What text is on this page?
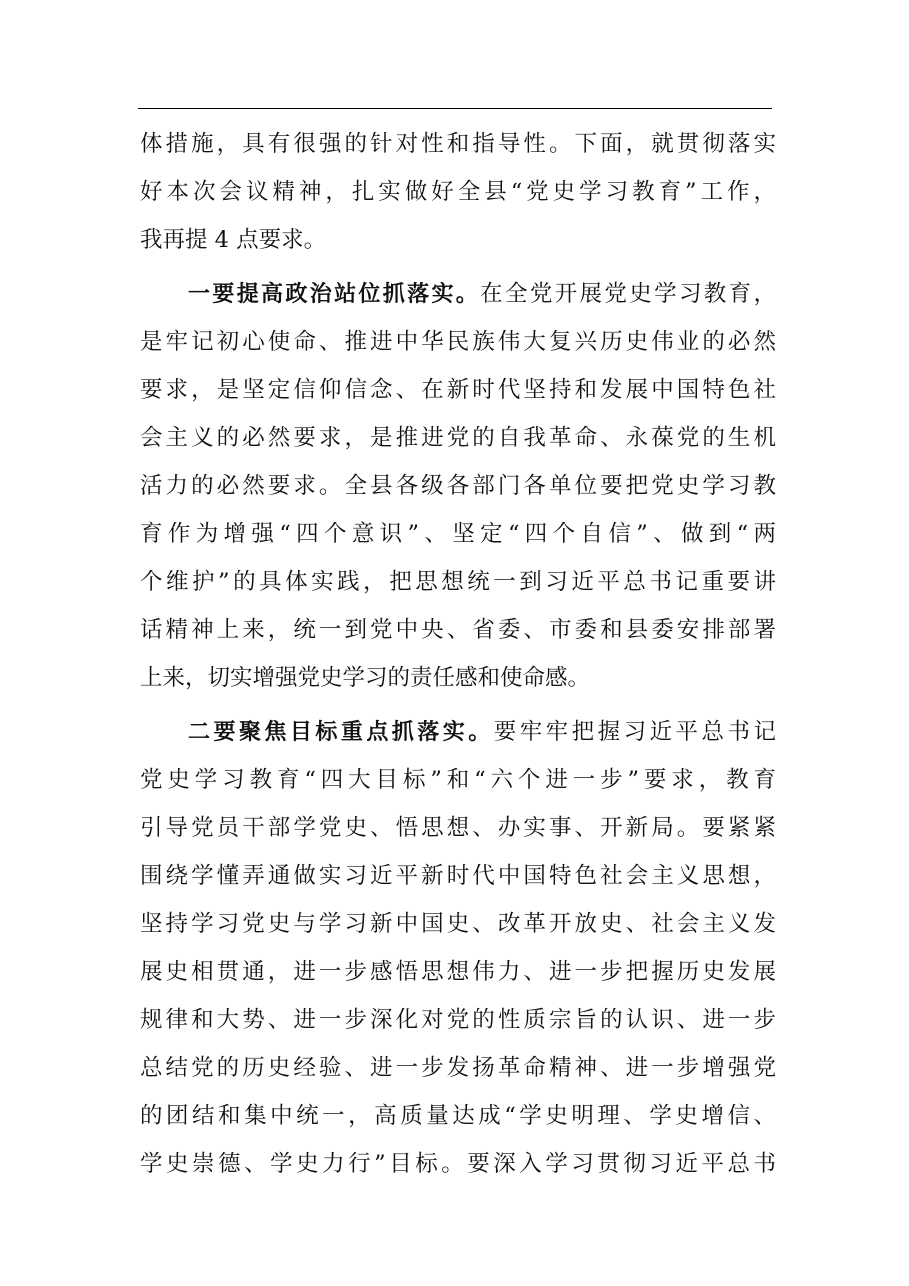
体措施，具有很强的针对性和指导性。下面，就贯彻落实
好本次会议精神，扎实做好全县“党史学习教育”工作，
我再提 4 点要求。
一要提高政治站位抓落实。在全党开展党史学习教育，
是牢记初心使命、推进中华民族伟大复兴历史伟业的必然
要求，是坚定信仰信念、在新时代坚持和发展中国特色社
会主义的必然要求，是推进党的自我革命、永葆党的生机
活力的必然要求。全县各级各部门各单位要把党史学习教
育作为增强“四个意识”、坚定“四个自信”、做到“两
个维护”的具体实践，把思想统一到习近平总书记重要讲
话精神上来，统一到党中央、省委、市委和县委安排部署
上来，切实增强党史学习的责任感和使命感。
二要聚焦目标重点抓落实。要牢牢把握习近平总书记
党史学习教育“四大目标”和“六个进一步”要求，教育
引导党员干部学党史、悟思想、办实事、开新局。要紧紧
围绕学懂弄通做实习近平新时代中国特色社会主义思想，
坚持学习党史与学习新中国史、改革开放史、社会主义发
展史相贯通，进一步感悟思想伟力、进一步把握历史发展
规律和大势、进一步深化对党的性质宗旨的认识、进一步
总结党的历史经验、进一步发扬革命精神、进一步增强党
的团结和集中统一，高质量达成“学史明理、学史增信、
学史崇德、学史力行”目标。要深入学习贯彻习近平总书
